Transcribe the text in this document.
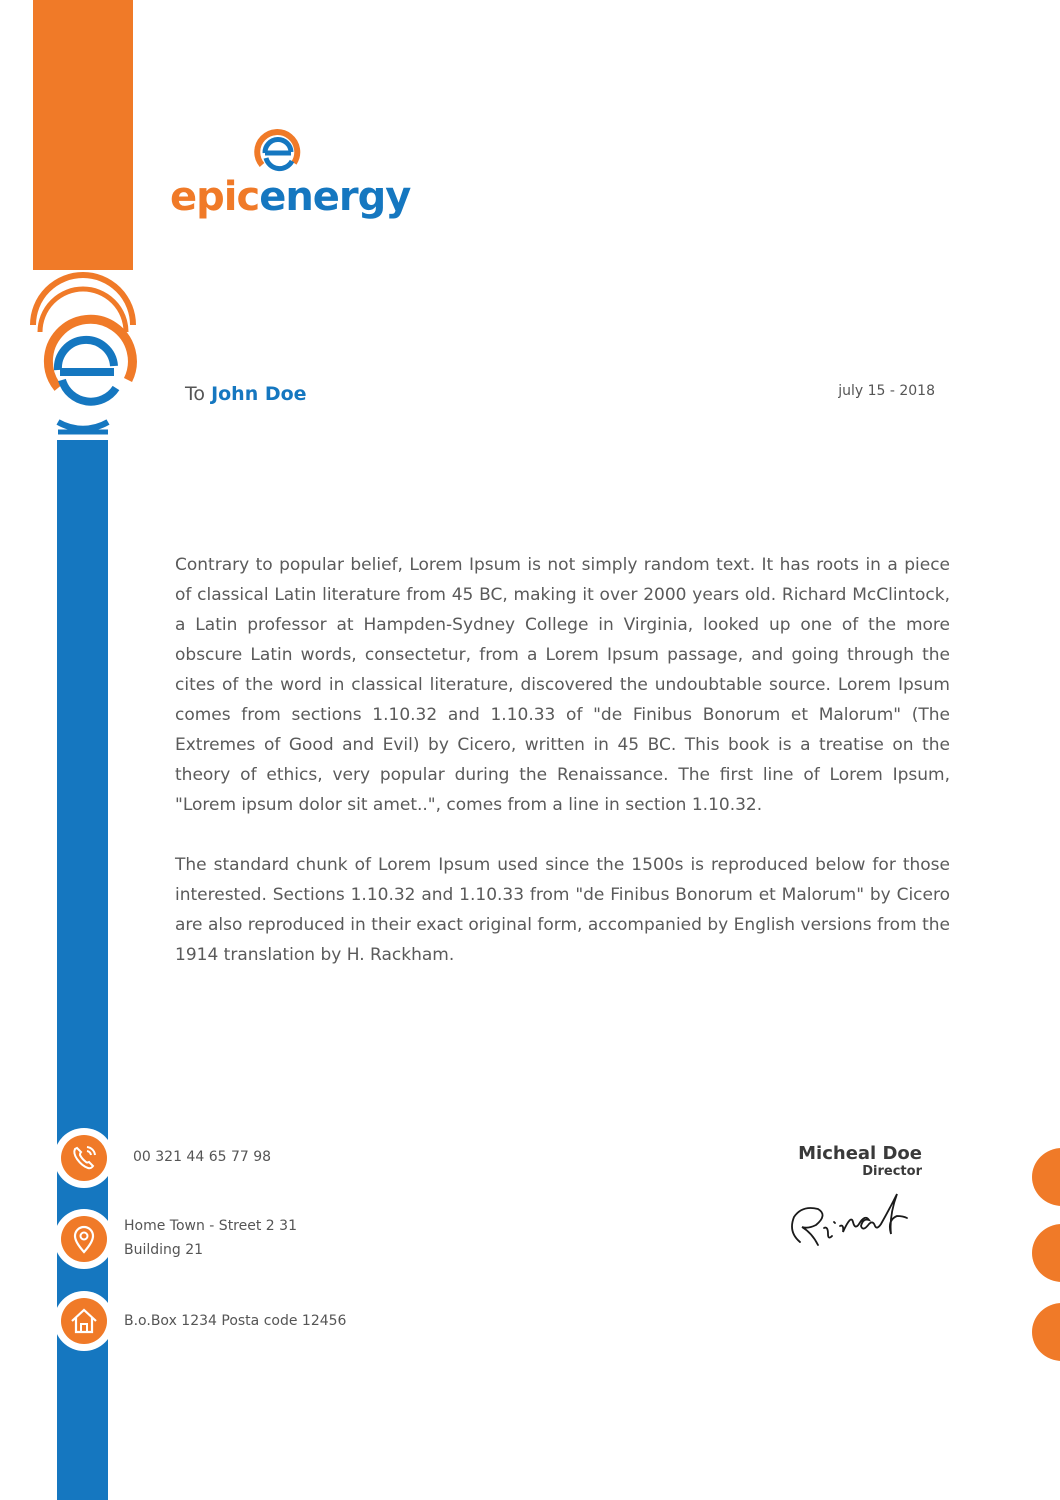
epicenergy
To John Doe	july 15 - 2018

Contrary to popular belief, Lorem Ipsum is not simply random text. It has roots in a piece of classical Latin literature from 45 BC, making it over 2000 years old. Richard McClintock, a Latin professor at Hampden-Sydney College in Virginia, looked up one of the more obscure Latin words, consectetur, from a Lorem Ipsum passage, and going through the cites of the word in classical literature, discovered the undoubtable source. Lorem Ipsum comes from sections 1.10.32 and 1.10.33 of "de Finibus Bonorum et Malorum" (The Extremes of Good and Evil) by Cicero, written in 45 BC. This book is a treatise on the theory of ethics, very popular during the Renaissance. The first line of Lorem Ipsum, "Lorem ipsum dolor sit amet..", comes from a line in section 1.10.32.

The standard chunk of Lorem Ipsum used since the 1500s is reproduced below for those interested. Sections 1.10.32 and 1.10.33 from "de Finibus Bonorum et Malorum" by Cicero are also reproduced in their exact original form, accompanied by English versions from the 1914 translation by H. Rackham.

00 321 44 65 77 98
Home Town - Street 2 31
Building 21
B.o.Box 1234 Posta code 12456
Micheal Doe
Director
